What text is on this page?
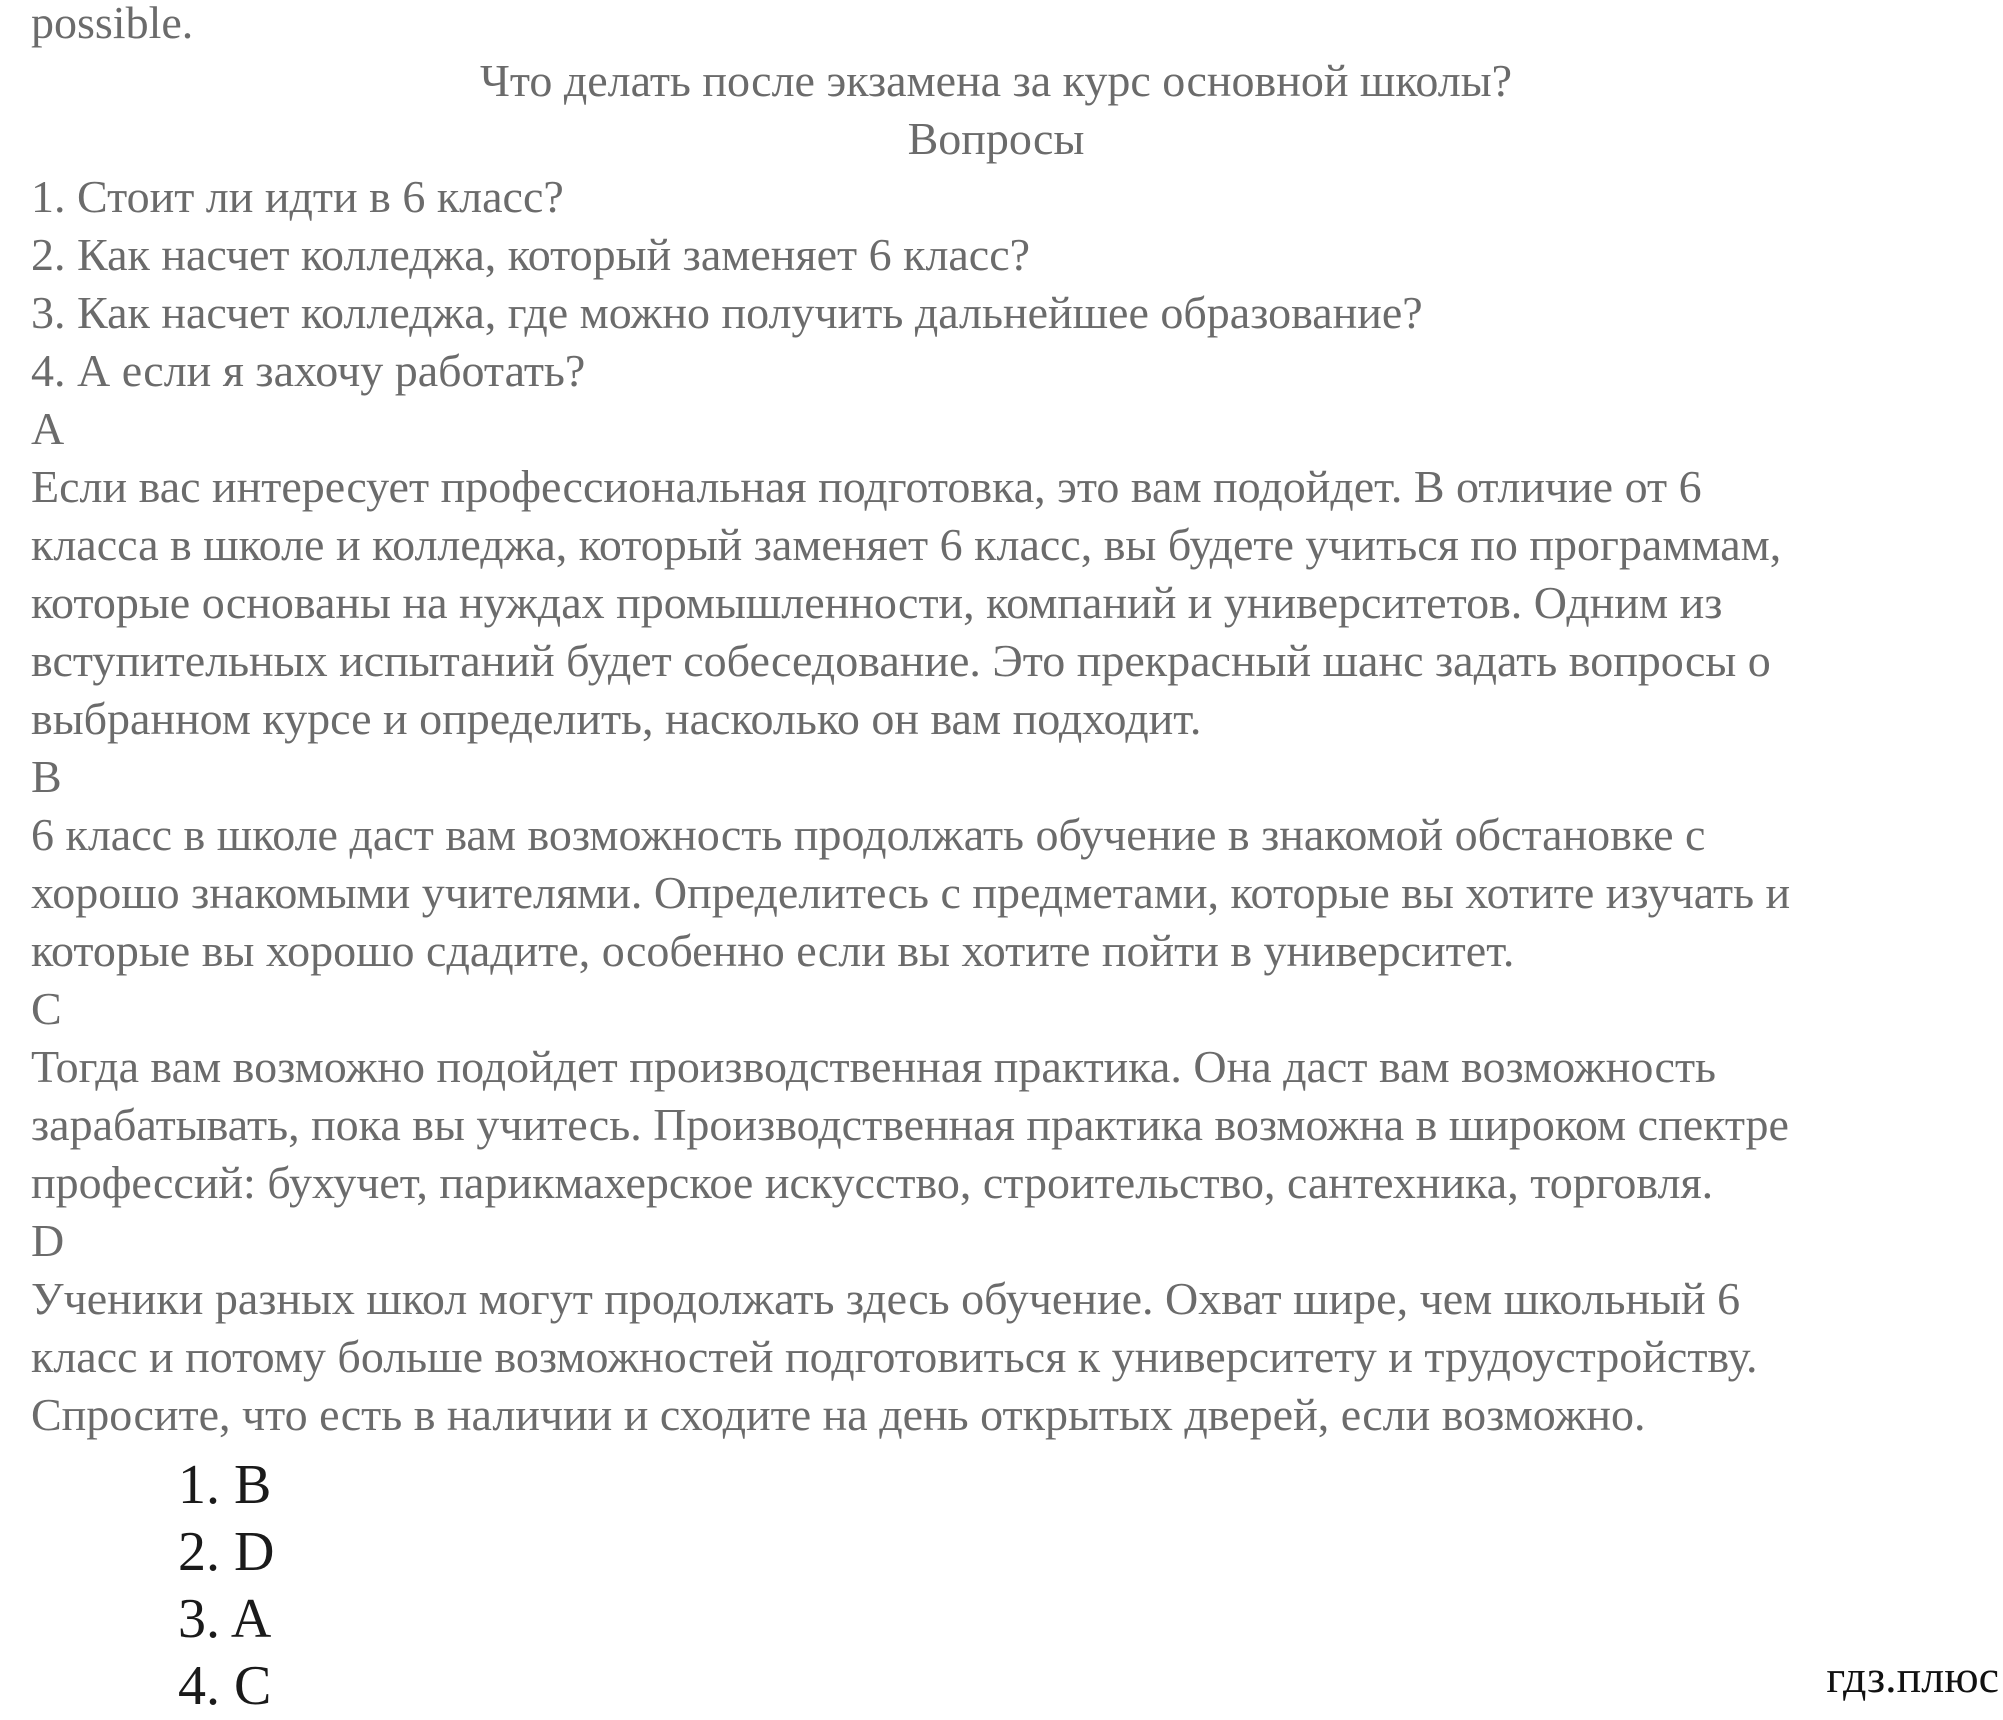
possible.

Что делать после экзамена за курс основной школы?

Вопросы

1. Стоит ли идти в 6 класс?

2. Как насчет колледжа, который заменяет 6 класс?

3. Как насчет колледжа, где можно получить дальнейшее образование?

4. А если я захочу работать?

A

Если вас интересует профессиональная подготовка, это вам подойдет. В отличие от 6

класса в школе и колледжа, который заменяет 6 класс, вы будете учиться по программам,

которые основаны на нуждах промышленности, компаний и университетов. Одним из

вступительных испытаний будет собеседование. Это прекрасный шанс задать вопросы о

выбранном курсе и определить, насколько он вам подходит.

B

6 класс в школе даст вам возможность продолжать обучение в знакомой обстановке с

хорошо знакомыми учителями. Определитесь с предметами, которые вы хотите изучать и

которые вы хорошо сдадите, особенно если вы хотите пойти в университет.

C

Тогда вам возможно подойдет производственная практика. Она даст вам возможность

зарабатывать, пока вы учитесь. Производственная практика возможна в широком спектре

профессий: бухучет, парикмахерское искусство, строительство, сантехника, торговля.

D

Ученики разных школ могут продолжать здесь обучение. Охват шире, чем школьный 6

класс и потому больше возможностей подготовиться к университету и трудоустройству.

Спросите, что есть в наличии и сходите на день открытых дверей, если возможно.

1. B

2. D

3. A

4. C	гдз.плюс
